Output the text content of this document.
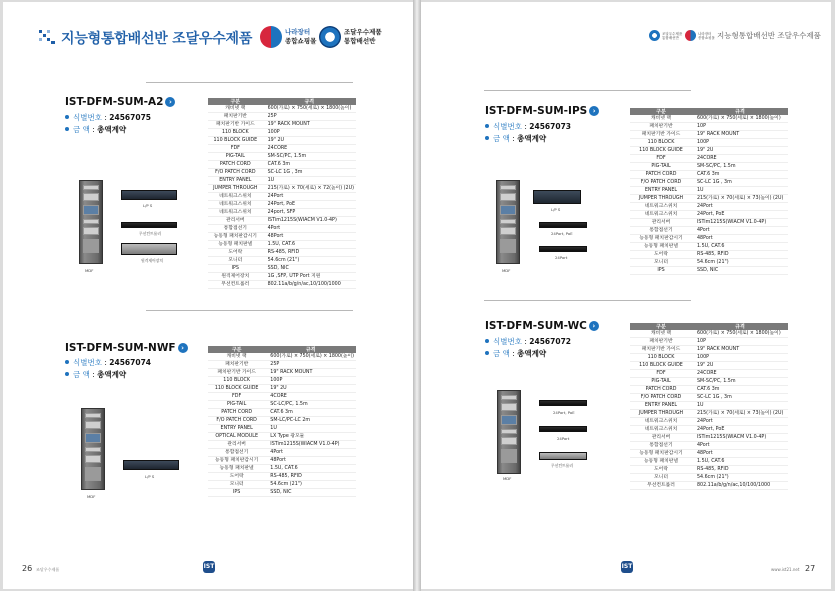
지능형통합배선반 조달우수제품	나라장터
종합쇼핑몰
조달우수제품
통합배선반
IST-DFM-SUM-A2 ›
식별번호 : 24567075
금 액 : 총액계약
MDF
L/P S
무선컨트롤러
원격제어장치
구분	규격
캐비넷 랙	600(가로) × 750(세로) × 1800(높이)
패치판기반	25P
패치판기반 가이드	19" RACK MOUNT
110 BLOCK	100P
110 BLOCK GUIDE	19" 2U
FDF	24CORE
PIG-TAIL	SM-SC/PC, 1.5m
PATCH CORD	CAT.6 3m
F/O PATCH CORD	SC-LC 1G , 3m
ENTRY PANEL	1U
JUMPER THROUGH	215(가로) × 70(세로) × 72(높이) (2U)
네트워크스위치	24Port
네트워크스위치	24Port, PoE
네트워크스위치	24port, SFP
관리서버	ISTim1215S(WIACM V1.0-4P)
통합접선기	4Port
능동형 패치판감시기	48Port
능동형 패치판넬	1.5U, CAT.6
도어락	RS-485, RFID
모니터	54.6cm (21")
IPS	SSD, NIC
원격제어장치	1G ,SFP, UTP Port 지원
무선컨트롤러	802.11a/b/g/n/ac,10/100/1000
IST-DFM-SUM-NWF ›
식별번호 : 24567074
금 액 : 총액계약
MDF
L/P S
구분	규격
캐비넷 랙	600(가로) × 750(세로) × 1800(높이)
패치판기반	25P
패치판기반 가이드	19" RACK MOUNT
110 BLOCK	100P
110 BLOCK GUIDE	19" 2U
FDF	4CORE
PIG-TAIL	SC-LC/PC, 1.5m
PATCH CORD	CAT.6 3m
F/O PATCH CORD	SM-LC/PC-LC 2m
ENTRY PANEL	1U
OPTICAL MODULE	LX Type 광모듈
관리서버	ISTim1215S(WIACM V1.0-4P)
통합접선기	4Port
능동형 패치판감시기	48Port
능동형 패치판넬	1.5U, CAT.6
도어락	RS-485, RFID
모니터	54.6cm (21")
IPS	SSD, NIC
26 조달우수제품	IST
조달우수제품 통합배선반
나라장터 종합쇼핑몰 지능형통합배선반 조달우수제품
IST-DFM-SUM-IPS ›
식별번호 : 24567073
금 액 : 총액계약
MDF
L/P S
24Port, PoE
24Port
구분	규격
캐비넷 랙	600(가로) × 750(세로) × 1800(높이)
패치판기반	10P
패치판기반 가이드	19" RACK MOUNT
110 BLOCK	100P
110 BLOCK GUIDE	19" 2U
FDF	24CORE
PIG-TAIL	SM-SC/PC, 1.5m
PATCH CORD	CAT.6 3m
F/O PATCH CORD	SC-LC 1G , 3m
ENTRY PANEL	1U
JUMPER THROUGH	215(가로) × 70(세로) × 73(높이) (2U)
네트워크스위치	24Port
네트워크스위치	24Port, PoE
관리서버	ISTim1215S(WIACM V1.0-4P)
통합접선기	4Port
능동형 패치판감시기	48Port
능동형 패치판넬	1.5U, CAT.6
도어락	RS-485, RFID
모니터	54.6cm (21")
IPS	SSD, NIC
IST-DFM-SUM-WC ›
식별번호 : 24567072
금 액 : 총액계약
MDF
24Port, PoE
24Port
무선컨트롤러
구분	규격
캐비넷 랙	600(가로) × 750(세로) × 1800(높이)
패치판기반	10P
패치판기반 가이드	19" RACK MOUNT
110 BLOCK	100P
110 BLOCK GUIDE	19" 2U
FDF	24CORE
PIG-TAIL	SM-SC/PC, 1.5m
PATCH CORD	CAT.6 3m
F/O PATCH CORD	SC-LC 1G , 3m
ENTRY PANEL	1U
JUMPER THROUGH	215(가로) × 70(세로) × 73(높이) (2U)
네트워크스위치	24Port
네트워크스위치	24Port, PoE
관리서버	ISTim1215S(WIACM V1.0-4P)
통합접선기	4Port
능동형 패치판감시기	48Port
능동형 패치판넬	1.5U, CAT.6
도어락	RS-485, RFID
모니터	54.6cm (21")
무선컨트롤러	802.11a/b/g/n/ac,10/100/1000
IST	www.ist21.net 27
